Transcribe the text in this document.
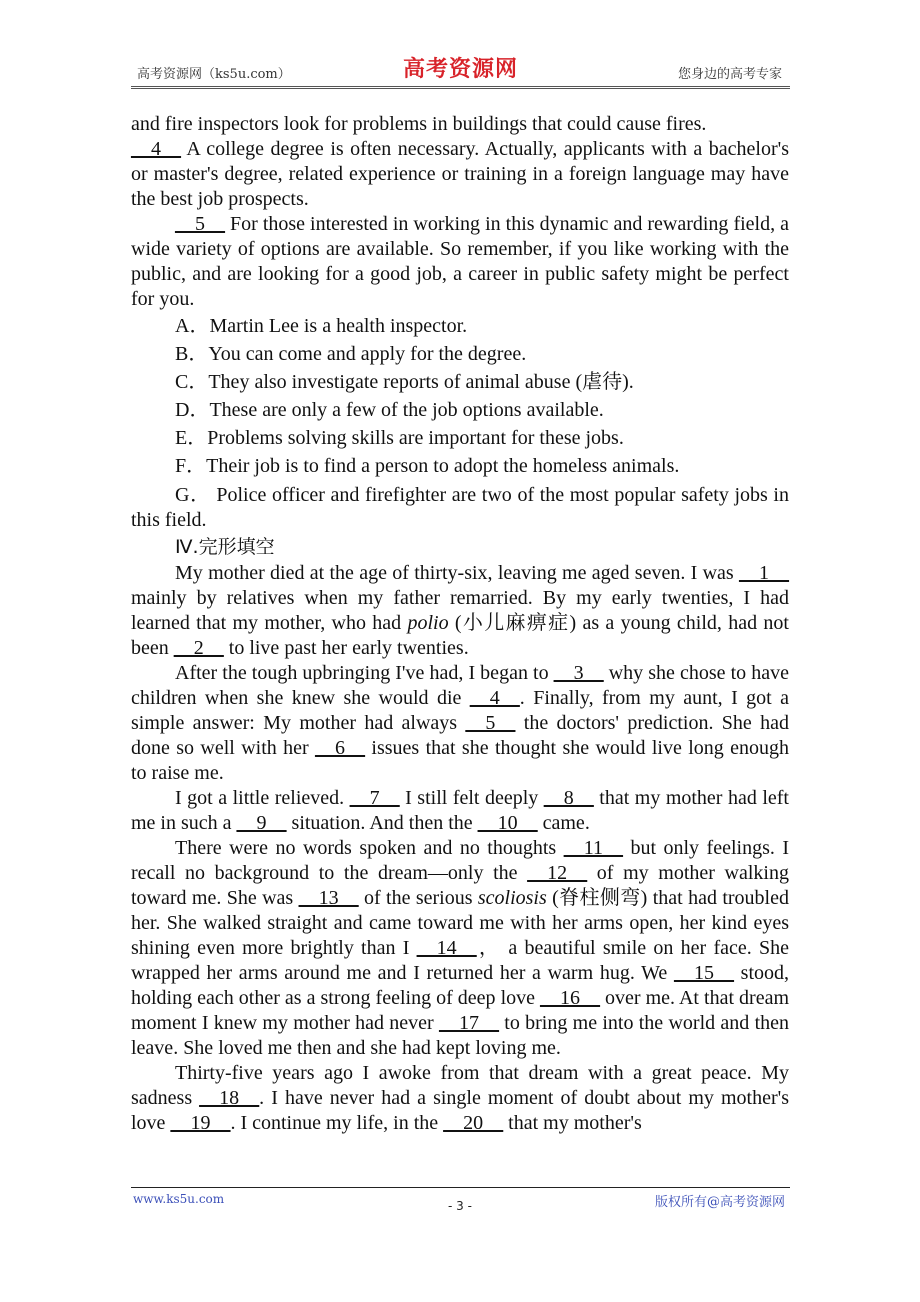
高考资源网（ks5u.com）	高考资源网	您身边的高考专家

and fire inspectors look for problems in buildings that could cause fires.

__4__ A college degree is often necessary. Actually, applicants with a bachelor's or master's degree, related experience or training in a foreign language may have the best job prospects.

__5__ For those interested in working in this dynamic and rewarding field, a wide variety of options are available. So remember, if you like working with the public, and are looking for a good job, a career in public safety might be perfect for you.

A．Martin Lee is a health inspector.

B．You can come and apply for the degree.

C．They also investigate reports of animal abuse (虐待).

D．These are only a few of the job options available.

E．Problems solving skills are important for these jobs.

F．Their job is to find a person to adopt the homeless animals.

G． Police officer and firefighter are two of the most popular safety jobs in this field.

Ⅳ.完形填空

My mother died at the age of thirty-six, leaving me aged seven. I was __1__ mainly by relatives when my father remarried. By my early twenties, I had learned that my mother, who had polio (小儿麻痹症) as a young child, had not been __2__ to live past her early twenties.

After the tough upbringing I've had, I began to __3__ why she chose to have children when she knew she would die __4__. Finally, from my aunt, I got a simple answer: My mother had always __5__ the doctors' prediction. She had done so well with her __6__ issues that she thought she would live long enough to raise me.

I got a little relieved. __7__ I still felt deeply __8__ that my mother had left me in such a __9__ situation. And then the __10__ came.

There were no words spoken and no thoughts __11__ but only feelings. I recall no background to the dream—only the __12__ of my mother walking toward me. She was __13__ of the serious scoliosis (脊柱侧弯) that had troubled her. She walked straight and came toward me with her arms open, her kind eyes shining even more brightly than I __14__， a beautiful smile on her face. She wrapped her arms around me and I returned her a warm hug. We __15__ stood, holding each other as a strong feeling of deep love __16__ over me. At that dream moment I knew my mother had never __17__ to bring me into the world and then leave. She loved me then and she had kept loving me.

Thirty-five years ago I awoke from that dream with a great peace. My sadness __18__. I have never had a single moment of doubt about my mother's love __19__. I continue my life, in the __20__ that my mother's

www.ks5u.com	- 3 -	版权所有@高考资源网
